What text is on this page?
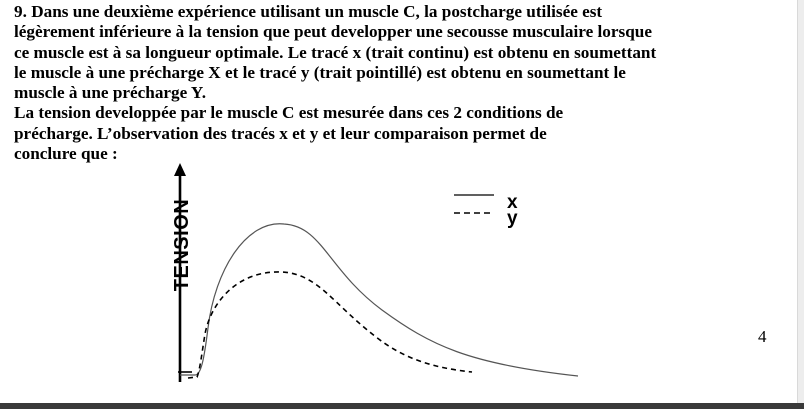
9. Dans une deuxième expérience utilisant un muscle C, la postcharge utilisée est

légèrement inférieure à la tension que peut developper une secousse musculaire lorsque

ce muscle est à sa longueur optimale. Le tracé x (trait continu) est obtenu en soumettant

le muscle à une précharge X et le tracé y (trait pointillé) est obtenu en soumettant le

muscle à une précharge Y.

La tension developpée par le muscle C est mesurée dans ces 2 conditions de

précharge. L’observation des tracés x et y et leur comparaison permet de

conclure que :

TENSION	x
y
4
